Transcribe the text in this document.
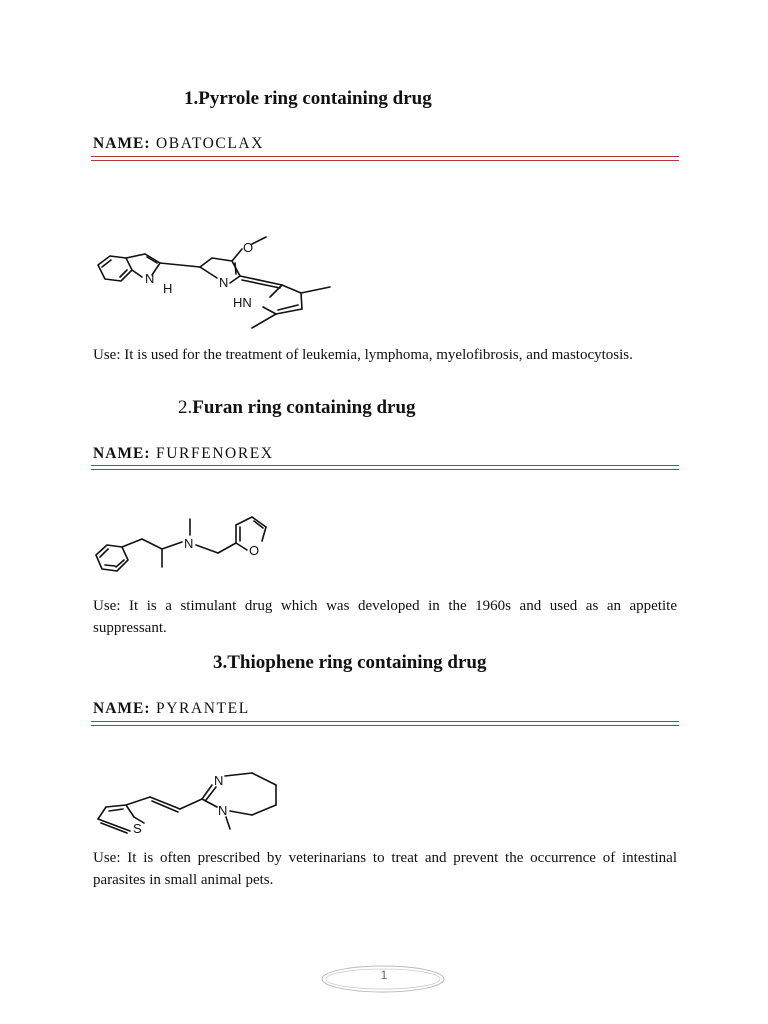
1.Pyrrole ring containing drug
NAME: OBATOCLAX
N
H	N
O
HN
Use: It is used for the treatment of leukemia, lymphoma, myelofibrosis, and mastocytosis.
2.Furan ring containing drug
NAME: FURFENOREX
N	O
Use: It is a stimulant drug which was developed in the 1960s and used as an appetite suppressant.
3.Thiophene ring containing drug
NAME: PYRANTEL
S
N
N
Use: It is often prescribed by veterinarians to treat and prevent the occurrence of intestinal parasites in small animal pets.
1
